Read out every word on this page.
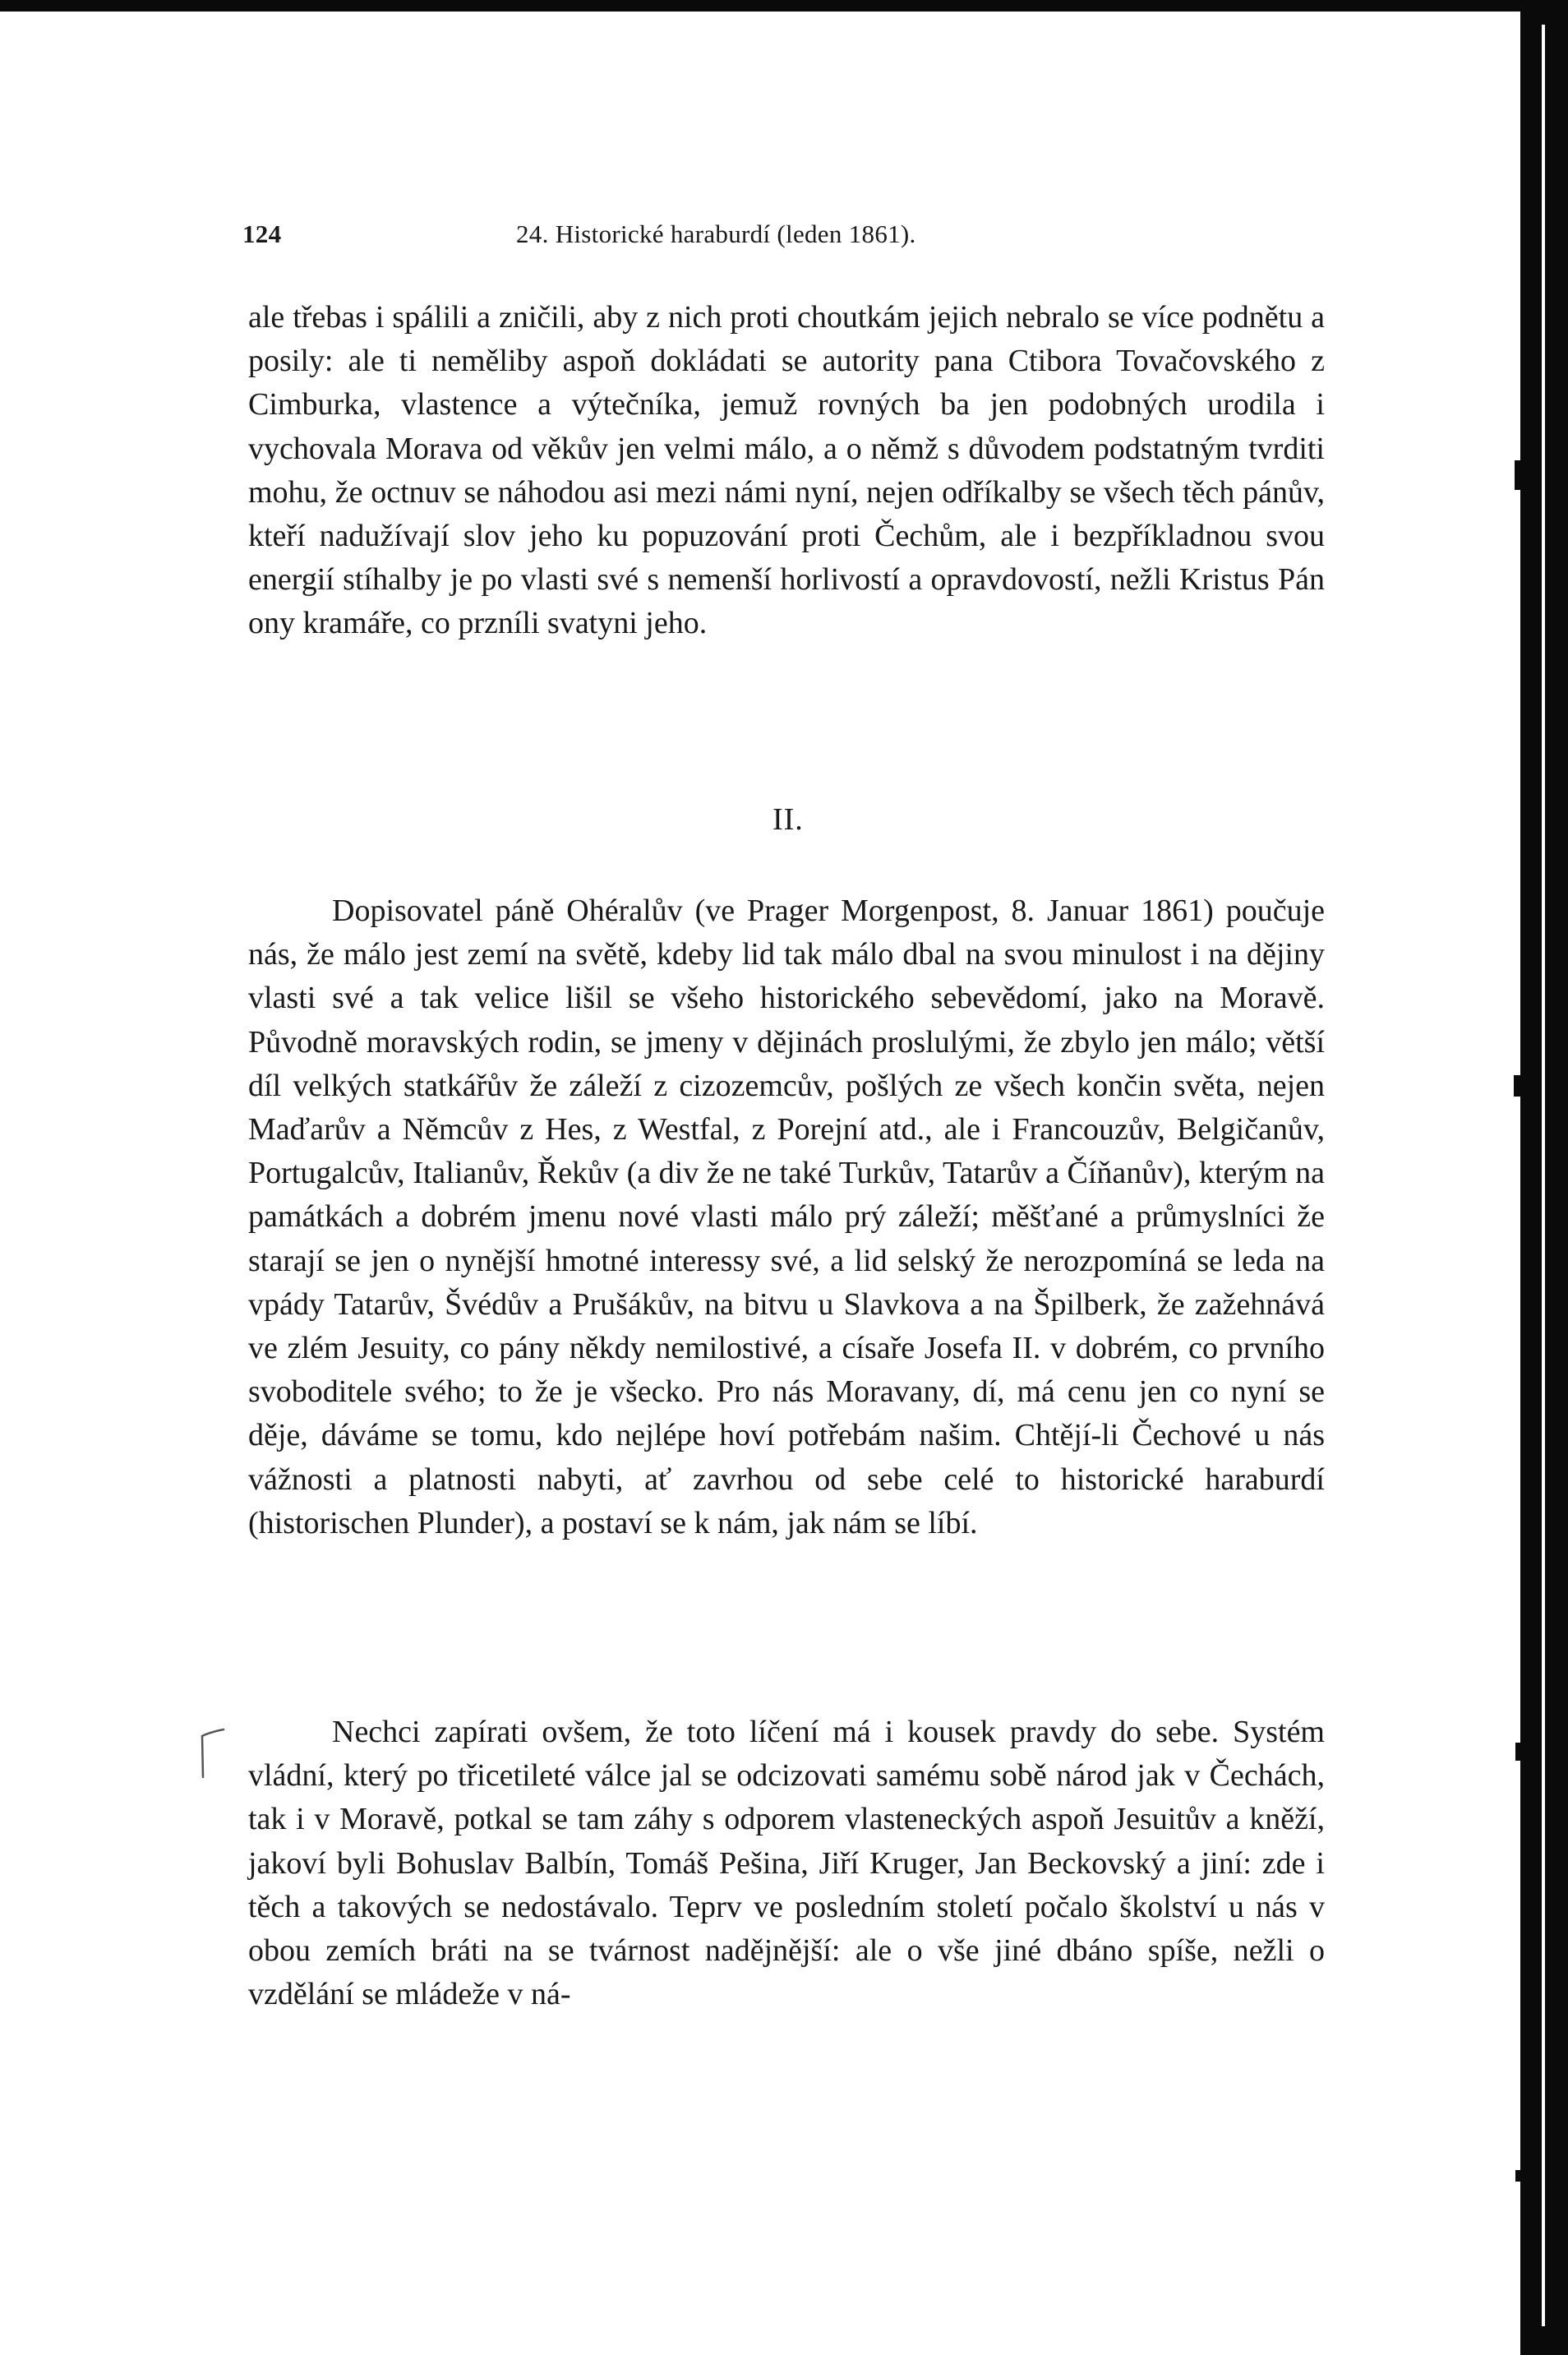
124	24. Historické haraburdí (leden 1861).

ale třebas i spálili a zničili, aby z nich proti choutkám jejich nebralo se více podnětu a posily: ale ti neměliby aspoň dokládati se autority pana Ctibora Tovačovského z Cimburka, vlastence a výtečníka, jemuž rovných ba jen podobných urodila i vychovala Morava od věkův jen velmi málo, a o němž s důvodem podstatným tvrditi mohu, že octnuv se náhodou asi mezi námi nyní, nejen odříkalby se všech těch pánův, kteří nadužívají slov jeho ku popuzování proti Čechům, ale i bezpříkladnou svou energií stíhalby je po vlasti své s nemenší horlivostí a opravdovostí, nežli Kristus Pán ony kramáře, co przníli svatyni jeho.

II.

Dopisovatel páně Ohéralův (ve Prager Morgenpost, 8. Januar 1861) poučuje nás, že málo jest zemí na světě, kdeby lid tak málo dbal na svou minulost i na dějiny vlasti své a tak velice lišil se všeho historického sebevědomí, jako na Moravě. Původně moravských rodin, se jmeny v dějinách proslulými, že zbylo jen málo; větší díl velkých statkářův že záleží z cizozemcův, pošlých ze všech končin světa, nejen Maďarův a Němcův z Hes, z Westfal, z Porejní atd., ale i Francouzův, Belgičanův, Portugalcův, Italianův, Řekův (a div že ne také Turkův, Tatarův a Číňanův), kterým na památkách a dobrém jmenu nové vlasti málo prý záleží; měšťané a průmyslníci že starají se jen o nynější hmotné interessy své, a lid selský že nerozpomíná se leda na vpády Tatarův, Švédův a Prušákův, na bitvu u Slavkova a na Špilberk, že zažehnává ve zlém Jesuity, co pány někdy nemilostivé, a císaře Josefa II. v dobrém, co prvního svoboditele svého; to že je všecko. Pro nás Moravany, dí, má cenu jen co nyní se děje, dáváme se tomu, kdo nejlépe hoví potřebám našim. Chtějí-li Čechové u nás vážnosti a platnosti nabyti, ať zavrhou od sebe celé to historické haraburdí (historischen Plunder), a postaví se k nám, jak nám se líbí.

Nechci zapírati ovšem, že toto líčení má i kousek pravdy do sebe. Systém vládní, který po třicetileté válce jal se odcizovati samému sobě národ jak v Čechách, tak i v Moravě, potkal se tam záhy s odporem vlasteneckých aspoň Jesuitův a kněží, jakoví byli Bohuslav Balbín, Tomáš Pešina, Jiří Kruger, Jan Beckovský a jiní: zde i těch a takových se nedostávalo. Teprv ve posledním století počalo školství u nás v obou zemích bráti na se tvárnost nadějnější: ale o vše jiné dbáno spíše, nežli o vzdělání se mládeže v ná-
